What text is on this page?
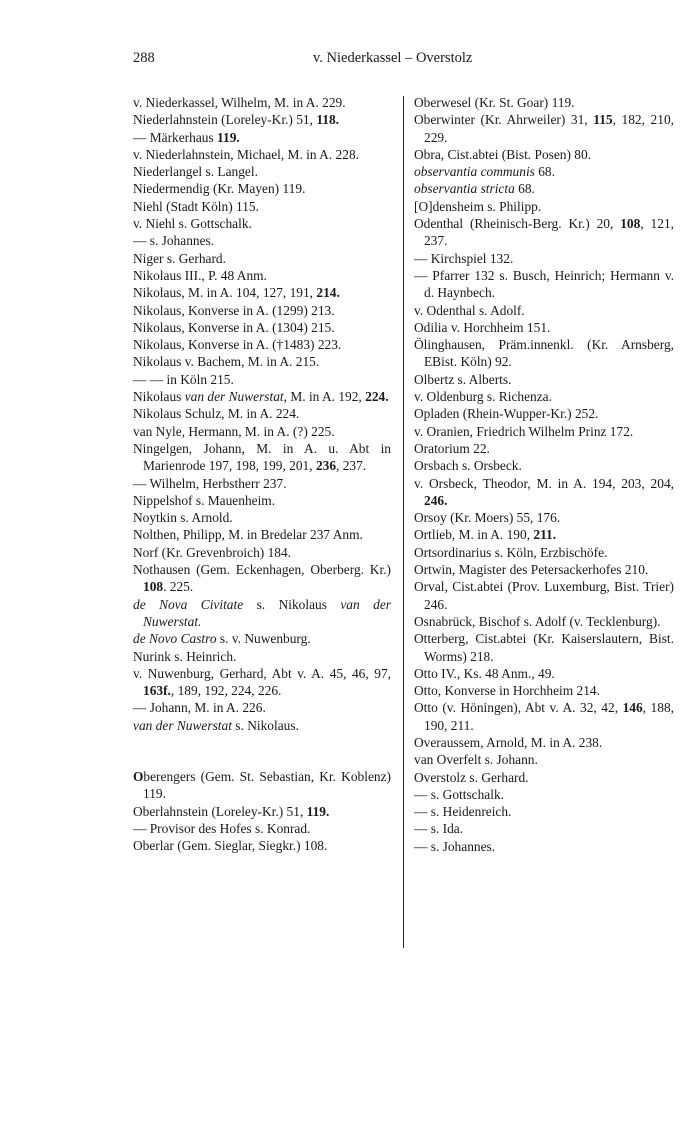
288	v. Niederkassel – Overstolz

v. Niederkassel, Wilhelm, M. in A. 229.

Niederlahnstein (Loreley-Kr.) 51, 118.

— Märkerhaus 119.

v. Niederlahnstein, Michael, M. in A. 228.

Niederlangel s. Langel.

Niedermendig (Kr. Mayen) 119.

Niehl (Stadt Köln) 115.

v. Niehl s. Gottschalk.

— s. Johannes.

Niger s. Gerhard.

Nikolaus III., P. 48 Anm.

Nikolaus, M. in A. 104, 127, 191, 214.

Nikolaus, Konverse in A. (1299) 213.

Nikolaus, Konverse in A. (1304) 215.

Nikolaus, Konverse in A. (†1483) 223.

Nikolaus v. Bachem, M. in A. 215.

— — in Köln 215.

Nikolaus van der Nuwerstat, M. in A. 192, 224.

Nikolaus Schulz, M. in A. 224.

van Nyle, Hermann, M. in A. (?) 225.

Ningelgen, Johann, M. in A. u. Abt in Marienrode 197, 198, 199, 201, 236, 237.

— Wilhelm, Herbstherr 237.

Nippelshof s. Mauenheim.

Noytkin s. Arnold.

Nolthen, Philipp, M. in Bredelar 237 Anm.

Norf (Kr. Grevenbroich) 184.

Nothausen (Gem. Eckenhagen, Oberberg. Kr.) 108. 225.

de Nova Civitate s. Nikolaus van der Nuwerstat.

de Novo Castro s. v. Nuwenburg.

Nurink s. Heinrich.

v. Nuwenburg, Gerhard, Abt v. A. 45, 46, 97, 163f., 189, 192, 224, 226.

— Johann, M. in A. 226.

van der Nuwerstat s. Nikolaus.

Oberengers (Gem. St. Sebastian, Kr. Koblenz) 119.

Oberlahnstein (Loreley-Kr.) 51, 119.

— Provisor des Hofes s. Konrad.

Oberlar (Gem. Sieglar, Siegkr.) 108.

Oberwesel (Kr. St. Goar) 119.

Oberwinter (Kr. Ahrweiler) 31, 115, 182, 210, 229.

Obra, Cist.abtei (Bist. Posen) 80.

observantia communis 68.

observantia stricta 68.

[O]densheim s. Philipp.

Odenthal (Rheinisch-Berg. Kr.) 20, 108, 121, 237.

— Kirchspiel 132.

— Pfarrer 132 s. Busch, Heinrich; Hermann v. d. Haynbech.

v. Odenthal s. Adolf.

Odilia v. Horchheim 151.

Ölinghausen, Präm.innenkl. (Kr. Arnsberg, EBist. Köln) 92.

Olbertz s. Alberts.

v. Oldenburg s. Richenza.

Opladen (Rhein-Wupper-Kr.) 252.

v. Oranien, Friedrich Wilhelm Prinz 172.

Oratorium 22.

Orsbach s. Orsbeck.

v. Orsbeck, Theodor, M. in A. 194, 203, 204, 246.

Orsoy (Kr. Moers) 55, 176.

Ortlieb, M. in A. 190, 211.

Ortsordinarius s. Köln, Erzbischöfe.

Ortwin, Magister des Petersackerhofes 210.

Orval, Cist.abtei (Prov. Luxemburg, Bist. Trier) 246.

Osnabrück, Bischof s. Adolf (v. Tecklenburg).

Otterberg, Cist.abtei (Kr. Kaiserslautern, Bist. Worms) 218.

Otto IV., Ks. 48 Anm., 49.

Otto, Konverse in Horchheim 214.

Otto (v. Höningen), Abt v. A. 32, 42, 146, 188, 190, 211.

Overaussem, Arnold, M. in A. 238.

van Overfelt s. Johann.

Overstolz s. Gerhard.

— s. Gottschalk.

— s. Heidenreich.

— s. Ida.

— s. Johannes.
